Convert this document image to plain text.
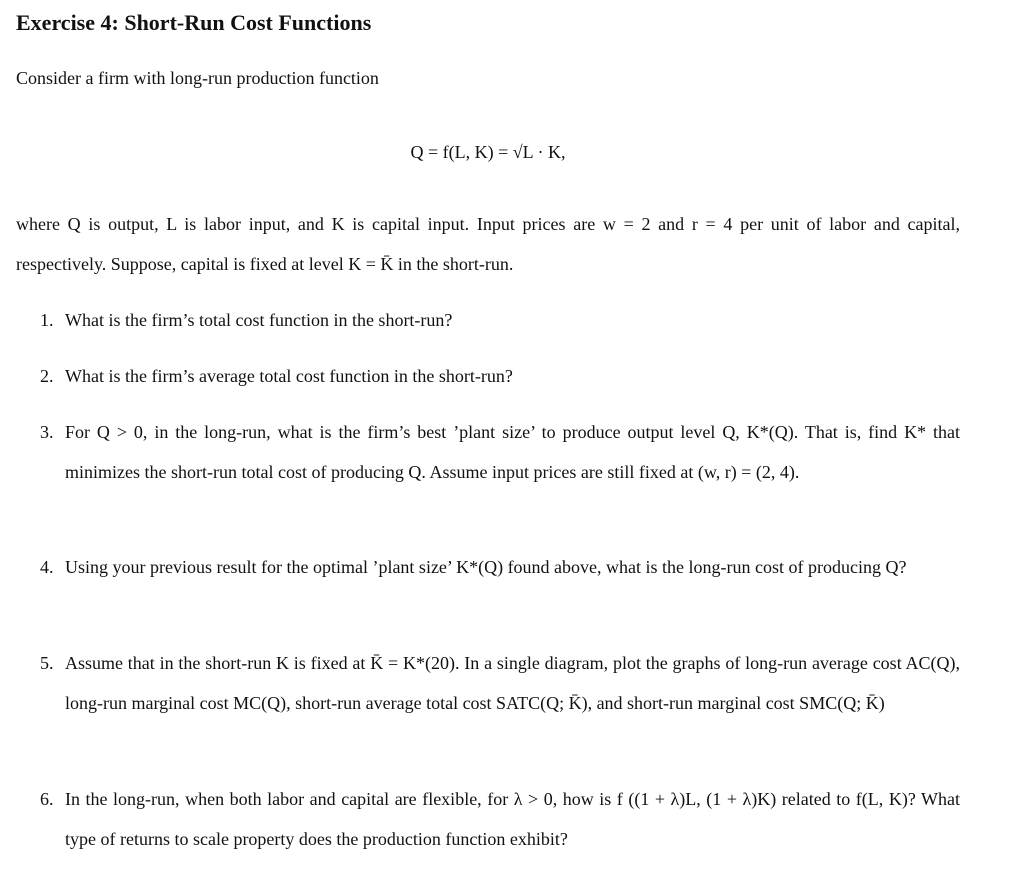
Exercise 4: Short-Run Cost Functions

Consider a firm with long-run production function

Q = f(L, K) = √L · K,

where Q is output, L is labor input, and K is capital input. Input prices are w = 2 and r = 4 per unit of labor and capital, respectively. Suppose, capital is fixed at level K = K̄ in the short-run.

1. What is the firm’s total cost function in the short-run?
2. What is the firm’s average total cost function in the short-run?
3. For Q > 0, in the long-run, what is the firm’s best ’plant size’ to produce output level Q, K*(Q). That is, find K* that minimizes the short-run total cost of producing Q. Assume input prices are still fixed at (w, r) = (2, 4).
4. Using your previous result for the optimal ’plant size’ K*(Q) found above, what is the long-run cost of producing Q?
5. Assume that in the short-run K is fixed at K̄ = K*(20). In a single diagram, plot the graphs of long-run average cost AC(Q), long-run marginal cost MC(Q), short-run average total cost SATC(Q; K̄), and short-run marginal cost SMC(Q; K̄)
6. In the long-run, when both labor and capital are flexible, for λ > 0, how is f ((1 + λ)L, (1 + λ)K) related to f(L, K)? What type of returns to scale property does the production function exhibit?
